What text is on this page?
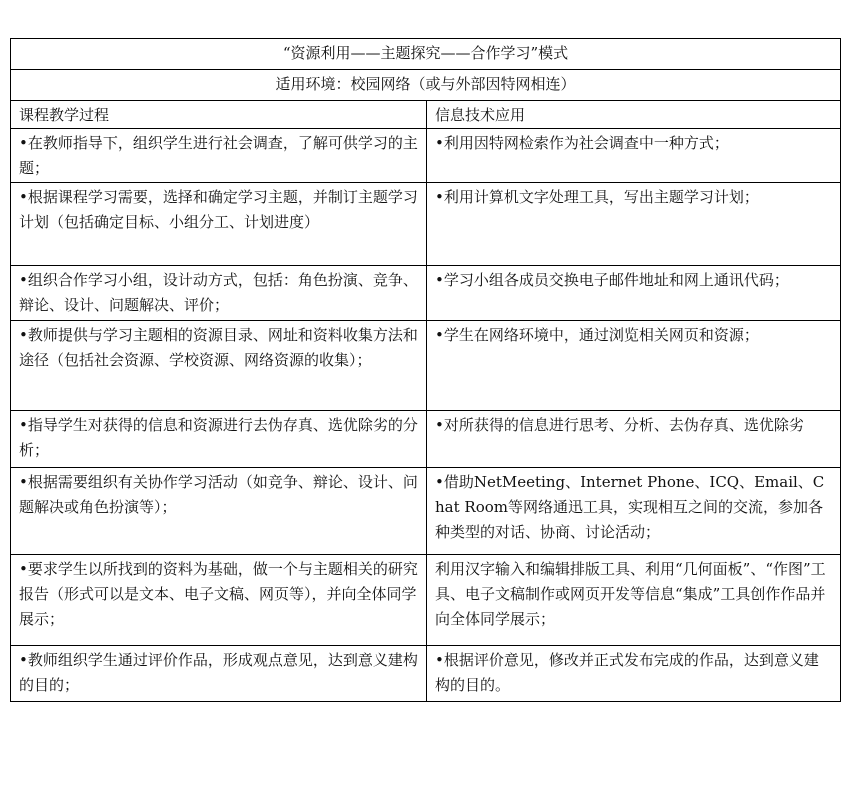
“资源利用——主题探究——合作学习”模式	
适用环境：校园网络（或与外部因特网相连）	
课程教学过程	信息技术应用
•在教师指导下，组织学生进行社会调查，了解可供学习的主题；	•利用因特网检索作为社会调查中一种方式；
•根据课程学习需要，选择和确定学习主题，并制订主题学习计划（包括确定目标、小组分工、计划进度）	•利用计算机文字处理工具，写出主题学习计划；
•组织合作学习小组，设计动方式，包括：角色扮演、竞争、辩论、设计、问题解决、评价；	•学习小组各成员交换电子邮件地址和网上通讯代码；
•教师提供与学习主题相的资源目录、网址和资料收集方法和途径（包括社会资源、学校资源、网络资源的收集）；	•学生在网络环境中，通过浏览相关网页和资源；
•指导学生对获得的信息和资源进行去伪存真、选优除劣的分析；	•对所获得的信息进行思考、分析、去伪存真、选优除劣
•根据需要组织有关协作学习活动（如竞争、辩论、设计、问题解决或角色扮演等）；	•借助NetMeeting、Internet Phone、ICQ、Email、Chat Room等网络通迅工具，实现相互之间的交流，参加各种类型的对话、协商、讨论活动；
•要求学生以所找到的资料为基础，做一个与主题相关的研究报告（形式可以是文本、电子文稿、网页等），并向全体同学展示；	利用汉字输入和编辑排版工具、利用“几何面板”、“作图”工具、电子文稿制作或网页开发等信息“集成”工具创作作品并向全体同学展示；
•教师组织学生通过评价作品，形成观点意见，达到意义建构的目的；	•根据评价意见，修改并正式发布完成的作品，达到意义建构的目的。
